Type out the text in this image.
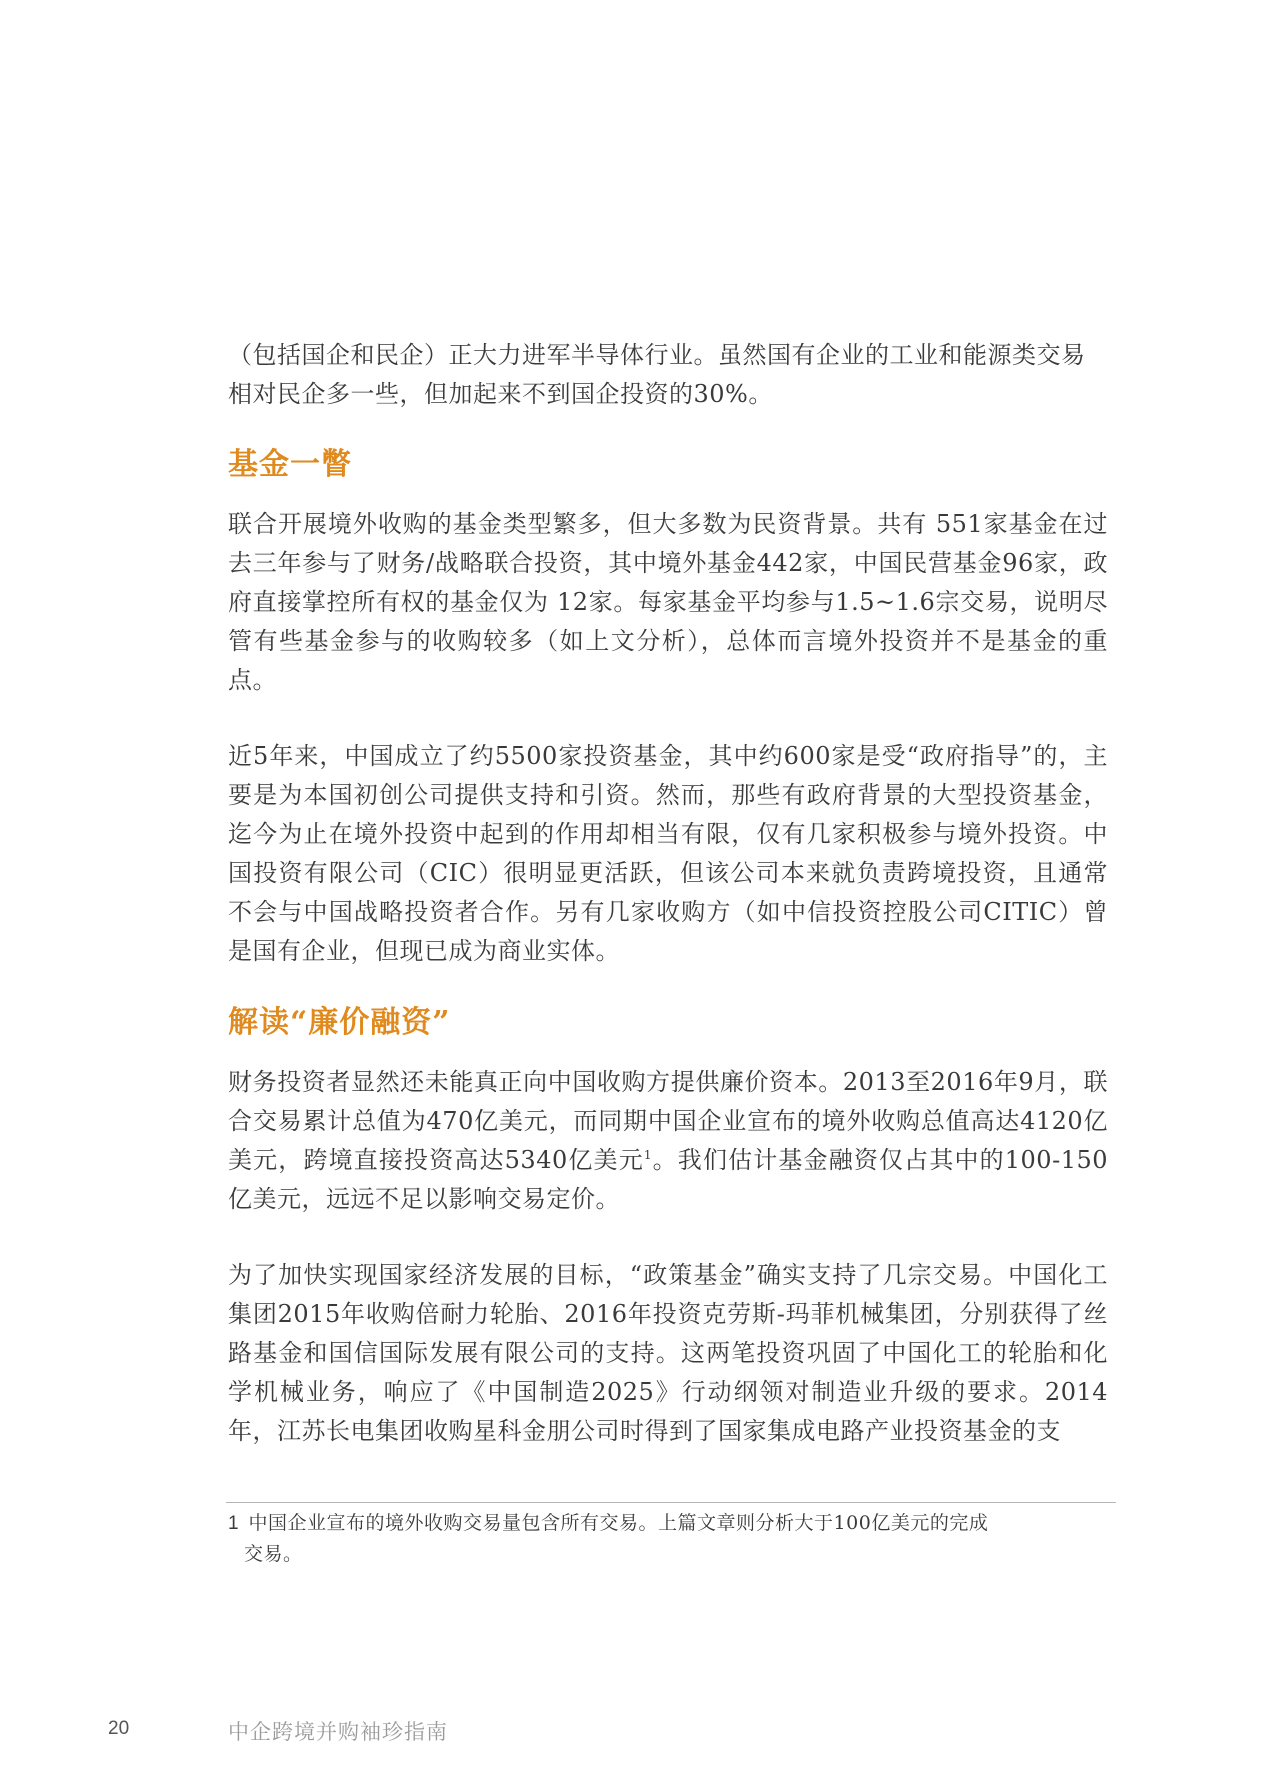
（包括国企和民企）正大力进军半导体行业。虽然国有企业的工业和能源类交易
相对民企多一些，但加起来不到国企投资的30%。

基金一瞥

联合开展境外收购的基金类型繁多，但大多数为民资背景。共有 551家基金在过去三年参与了财务/战略联合投资，其中境外基金442家，中国民营基金96家，政府直接掌控所有权的基金仅为 12家。每家基金平均参与1.5~1.6宗交易，说明尽管有些基金参与的收购较多（如上文分析），总体而言境外投资并不是基金的重点。

近5年来，中国成立了约5500家投资基金，其中约600家是受“政府指导”的，主要是为本国初创公司提供支持和引资。然而，那些有政府背景的大型投资基金，迄今为止在境外投资中起到的作用却相当有限，仅有几家积极参与境外投资。中国投资有限公司（CIC）很明显更活跃，但该公司本来就负责跨境投资，且通常不会与中国战略投资者合作。另有几家收购方（如中信投资控股公司CITIC）曾是国有企业，但现已成为商业实体。

解读“廉价融资”

财务投资者显然还未能真正向中国收购方提供廉价资本。2013至2016年9月，联合交易累计总值为470亿美元，而同期中国企业宣布的境外收购总值高达4120亿美元，跨境直接投资高达5340亿美元$^1$。我们估计基金融资仅占其中的100-150亿美元，远远不足以影响交易定价。

为了加快实现国家经济发展的目标，“政策基金”确实支持了几宗交易。中国化工集团2015年收购倍耐力轮胎、2016年投资克劳斯-玛菲机械集团，分别获得了丝路基金和国信国际发展有限公司的支持。这两笔投资巩固了中国化工的轮胎和化学机械业务，响应了《中国制造2025》行动纲领对制造业升级的要求。2014年，江苏长电集团收购星科金朋公司时得到了国家集成电路产业投资基金的支

1 中国企业宣布的境外收购交易量包含所有交易。上篇文章则分析大于100亿美元的完成
交易。
20	中企跨境并购袖珍指南
